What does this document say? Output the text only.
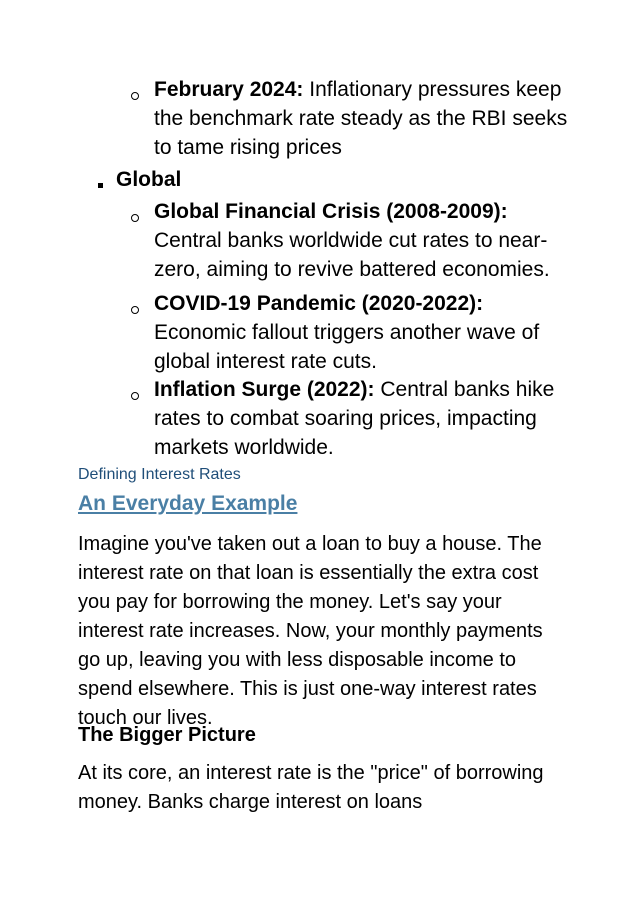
February 2024: Inflationary pressures keep the benchmark rate steady as the RBI seeks to tame rising prices
Global
Global Financial Crisis (2008-2009): Central banks worldwide cut rates to near-zero, aiming to revive battered economies.
COVID-19 Pandemic (2020-2022): Economic fallout triggers another wave of global interest rate cuts.
Inflation Surge (2022): Central banks hike rates to combat soaring prices, impacting markets worldwide.
Defining Interest Rates
An Everyday Example
Imagine you've taken out a loan to buy a house. The interest rate on that loan is essentially the extra cost you pay for borrowing the money. Let's say your interest rate increases. Now, your monthly payments go up, leaving you with less disposable income to spend elsewhere. This is just one-way interest rates touch our lives.
The Bigger Picture
At its core, an interest rate is the "price" of borrowing money. Banks charge interest on loans
